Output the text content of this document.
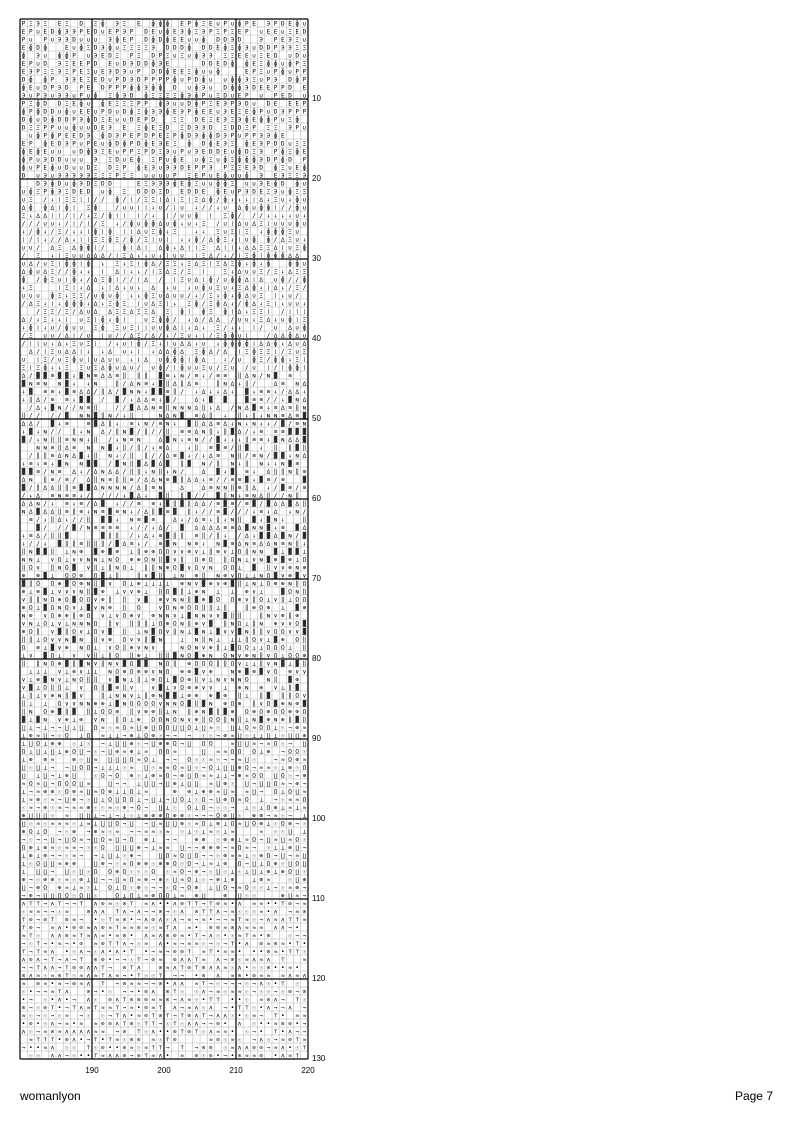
P Ξ Э Ξ E Ξ D Ξ ɸ Э Ξ E ɸ ɸ ɸ E P ɸ Ξ E ∪ P ∪ ɸ P E Э P D E ɸ ∪
E P ∪ E D ɸ Э Э P E D ∪ E P Э P D E ∪ ɸ E Э ɸ Ξ Э P Ξ P Ξ E P ∪ E E ∪ Ξ E D
P ∪ P ∪ Э Э D ∪ ∪ ∪ Э ɸ E P D ɸ D ɸ E E ∪ ∪ ɸ D D Э D	Э P E Э Ξ ∪
E ɸ D ɸ	E ∪ ɸ Ξ D Э ɸ ∪ Ξ Ξ Ξ Ξ Э D D D ɸ D D E ɸ Ξ ɸ Э ∪ D D P Э Э Ξ Ξ
ɸ Э ∪ ɸ ɸ P ∪ Э E D Ξ P Ξ D P Ξ ∪ Ξ ∪ ɸ Э Э Ξ Ξ E E ∪ Ξ E D ∪ D ∪
E P ∪ D Э Ξ E E P D E ∪ D Э D D ɸ Э E	D D E D ɸ ɸ E Ξ ɸ ɸ ∪ ɸ P Ξ
E Э P Ξ Ξ Э Ξ P E Ξ ∪ E Э D Э ∪ P D D ɸ E E Ξ ɸ ∪ ∪ ɸ	E P Ξ ∪ P ɸ ∪ P P
D ɸ ɸ P Э Э E Ξ E D ∪ P D Э D P P P P ɸ ∪ P D ɸ ∪ ∪ ɸ ɸ Э Ξ ∪ P Э D ɸ P
ɸ E ∪ D P Э D P E D P P P ɸ ɸ Э ɸ ɸ D ∪ ɸ Э ∪ D ɸ ɸ Э D E E P P D E
Э ∪ P Э ∪ Э Э ∪ P ∪ ɸ Ξ ɸ Э D ɸ Ξ Ξ Ξ Ξ ɸ Э ɸ P ∪ Ξ D ∪ E P ∪ P E D ∪
P Ξ ɸ D D Ξ E ɸ ∪ ɸ E Ξ Ξ Ξ P P ɸ Э ∪ ∪ D ɸ P Ξ E Э P Э D ∪ D E E E P
ɸ P ɸ D D ∪ ɸ ∪ E E ∪ P D ∪ D ɸ Ξ ɸ Э Э ɸ E Э P ɸ E E ∪ Э E Ξ E ɸ P ∪ D Э P P P
D ɸ ∪ D ɸ D D P Э ɸ D Ξ E ∪ ∪ D E P D	Ξ Ξ D E Ξ E Э Ξ Э ɸ E ɸ ɸ P ∪ Ξ ɸ
D Ξ Ξ P P ∪ ∪ ɸ ∪ ∪ D E Э E Ξ ɸ E Ξ D Ξ D Э Э D Ξ D D Ξ P Ξ Ξ Э P ∪
∪ ɸ P ɸ P E E D Э ɸ D Э P E P D P E Ξ P ɸ D Э ɸ ɸ D Э P ∪ P P Э Э ɸ E
E P ɸ E D Э P ∪ P E ∪ ɸ D ɸ P D ɸ E Э E Ξ ɸ D ɸ E Э Ξ ɸ E Э P D D ∪ Ξ Ξ
ɸ E ɸ E ∪ ∪ ∪ D ɸ Э Ξ E ∪ P P Ξ P D Ξ Э ∪ P ∪ Э E D D E ∪ ɸ D Ξ Э P ɸ Ξ ɸ E
ɸ P ∪ Э D D ∪ ∪ ∪ Э Ξ D ∪ E ɸ Ξ P ∪ ɸ E ∪ ɸ Ξ ∪ ɸ Ξ ɸ ɸ ɸ Э D P ɸ D P
ɸ ∪ P E ɸ ∪ D ∪ ∪ D Ξ D Ξ P ɸ E Э ∪ Э Э D E P P Э P Ξ Ξ E Э D ɸ Ξ ∪ E ɸ
D ∪ Э ∪ Э Э Э Э Э Ξ Ξ Ξ P Ξ Ξ ∪ ∪ ∪ ∪ P Ξ E P ∪ E ɸ ∪ ∪ ɸ Э E Э Ξ Ξ Э
D Э ɸ D ∪ ɸ Э D Ξ D D	E Ξ Э Э Э ɸ E ɸ Ξ ∪ ∪ ɸ ɸ Ξ ∪ ∪ Э E ɸ D ɸ ∪
∪ ɸ Ξ P ɸ Э Ξ D E D ∪ ɸ Ξ D D D Ξ D E D D E ɸ E ∪ P Э D E Ξ Э ∪ ɸ Ξ Ξ
∪ Ξ / ↓ ❘ Ξ Ξ ❘ ❘ / / ɸ / ❘ / Ξ Ξ ❘ ∆ ❘ Ξ ❘ Ξ ∆ ɸ / ɸ ↓ ↓ ↓ ❘ ∆ ↓ Ξ ∪ ↓ ɸ ∪
∆ ɸ ɸ ∆ ❘ ɸ ❘ Ξ ɸ	/ ∪ ∪ ❘ ❘ ↓ ∪ / ❘ ∪ ↓ / / ↓ ∪ ∆ ɸ ∪ ɸ ɸ ❘ / / ɸ ∪
Ξ ↓ ∆ ∆ ❘ ❘ / ❘ / ↓ Ξ / ɸ ❘ ❘ ❘ / ↓ ❘ / ∪ ∪ ɸ ❘ Ξ ɸ / / / ↓ ↓ ↓ ↓ ∪ ↓
/ / / ∪ ∪ ↓ / ❘ / ❘ / Ξ ↓ / ɸ ∪ ɸ ɸ ∆ ∪ ɸ ↓ ∪ ↓ Ξ / ∪ ❘ ∆ ∪ ∆ Ξ ❘ ∪ ∪ ∪ ɸ ∪
↓ / ɸ ↓ / Ξ / ↓ ↓ ❘ ɸ ❘ ɸ ❘ ❘ ∆ ∪ Ξ ɸ ↓ Ξ	↓ ↓ Ξ ∪ Ξ ❘ Ξ ↓ ɸ ɸ ɸ Ξ ∪
❘ / ❘ ↓ / / ∆ ↓ ❘ ❘ Ξ Ξ ɸ Ξ / ɸ / Ξ ❘ ∪ ❘ ↓ ↓ ɸ / ∆ ɸ Ξ ↓ ❘ ∪ ɸ ɸ / ∆ Ξ ∪ ↓
∪ ∪ / ∆ Ξ ∆ ɸ ɸ ❘ /	ɸ ❘ ∆ ❘ ∆ ɸ ↓ ∆ ❘ ❘ Ξ ∆ ❘ ❘ ↓ ∆ ∆ Ξ Ξ ∆ ❘ ∪ Ξ ɸ
/ Ξ ↓ ❘ Ξ ∪ ∪ ∆ ∆ ∆ / ❘ Ξ ∆ ↓ ↓ ∪ ↓ ❘ ∪ ∪ ❘ Ξ ∆ / ↓ / ❘ Ξ ɸ ❘ ɸ ɸ ɸ ∆ ∆
∪ ∆ / ∪ Ξ ❘ ɸ ɸ ❘ ɸ ↓ Ξ ↓ Ξ ❘ ɸ ∆ / Ξ Ξ ↓ Ξ ∆ Ξ ❘ Ξ ∆ Ξ ɸ ↓ ɸ ↓ ɸ	ɸ ɸ ∪
∆ ɸ ∪ ∆ Ξ / / ɸ ↓ ↓ ❘ ∆ ❘ ↓ ↓ / ❘ Ξ ∆ Ξ / Ξ ❘	Ξ ↓ ∆ ∪ ∪ Ξ / Ξ ↓ ∆ Ξ Ξ
ɸ / ɸ Ξ ∪ ❘ ɸ ↓ / ∆ Ξ ɸ ❘ / / ❘ ∆ / ❘ Ξ ∪ ∆ ❘ ɸ / ∪ ɸ ɸ ∆ ❘ ∆ ∪ ɸ / / ɸ
↓ Ξ	❘ Ξ ❘ ↓ ∆ ↓ ❘ ∆ ↓ ∪ ↓ ∆ ↓ ∪ ↓ ∪ ɸ ∪ Ξ ∪ ↓ Ξ ∆ ɸ ↓ ❘ ∆ ↓ / Ξ /
∪ ∪ ∪ ɸ Ξ ↓ Ξ Ξ / ∪ ɸ ∪ ɸ ↓ ↓ ɸ Ξ ∪ ∆ ∪ ∪ / ↓ / Ξ ↓ ɸ ↓ ɸ ∆ ∪ Ξ ❘ ↓ ∪ /
/ ∆ Ξ ↓ ❘ ↓ ɸ ɸ ɸ ↓ ∆ ↓ Ξ ɸ Ξ ❘ ∪ ∆ Ξ ❘ ↓ Ξ ɸ / Ξ ɸ ∆ ↓ / ɸ ∆ ↓ Ξ ❘ ↓ ∪ ∪ ↓
/ Ξ Ξ / Ξ / ∆ ∪ ∆ ∆ Ξ Ξ ∆ Ξ Ξ ∆ Ξ ɸ ❘ ɸ Ξ ɸ ❘ ∆ ↓ Ξ Ξ ❘ / ❘ ❘ ❘
∆ / ↓ Ξ ↓ ↓ ❘ ∪ Ξ ❘ ɸ ↓ ɸ ❘	∪ Ξ ɸ ɸ / ↓ ∆ / ∆ ∆ / ∪ ∪ ↓ Ξ ∆ ↓ ∪ ɸ ❘ Ξ
↓ ɸ ❘ ↓ ∪ / ɸ ∪ ∪ Ξ ɸ Ξ ∪ Ξ ❘ ❘ ∪ ∪ ɸ ∆ ❘ ↓ ∆ ↓ Ξ / ↓ ↓ ❘ / ∪ ∆ ∪ ɸ
/ Ξ ∪ ∪ / ∆ ❘ / ∪ ❘ ∪ / / ∆ Ξ / ∆ / ↓ / Ξ ∪ ↓ ❘ / Ξ ɸ ɸ ∪ ❘	/ ∆ ∆ ɸ ∆ ∪
/ ❘ ❘ ∪ ↓ ∆ ↓ Ξ ∪ Ξ ❘ / ↓ ∪ ❘ ɸ / Ξ ↓ ❘ ∪ ∆ ∆ ↓ ∪ ↓ ɸ ɸ ɸ ɸ ❘ ∆ ∆ ɸ ↓ ∆ ∪ ∆
∆ / ❘ Ξ ∪ ∆ ∆ ❘ ↓ ↓ ∆ ∪ ↓ ❘ ↓ ∆ ∆ ɸ ∆ Ξ ɸ ∆ / ∆ ❘ Ξ ɸ Ξ Ξ ❘ / Ξ ∪ Ξ
∪ ❘ Ξ / ∪ Ξ ɸ ∪ ❘ ∪ ∆ ∪ ∪ ↓ ❘ ∆ ∪ ɸ ɸ ɸ ❘ ɸ ∆	↓ / ∪ ɸ Ξ / ɸ ɸ ↓ Ξ ❘
Ξ ❘ Ξ ɸ ↓ ↓ Ξ Ξ ∪ Ξ ∆ ɸ ∪ ∆ ∪ / ∪ ɸ / ❘ ɸ ∪ ∪ Ξ ∪ / Ξ ∪ / ∪ ❘ / ❘ ɸ ɸ ❘
∆ / ▓ ▓ ≡ ▓ ▓ ↓ ▓ ɴ ≡ ∆ ∆ ≡ ‖ ‖ ‖ ▓ ≡ ↓ ɴ / ≡ ↓ / ≡ ≡ ‖ ∆ ɴ / ɴ ▓ ≡
▓ ɴ ≡ ɴ ɴ ▓ ↓ ↓ ɴ	‖ / ∆ ɴ ≡ ↓ ▓ ‖ ∆ ‖ ∆ ≡	‖ ɴ ∆ ↓ ‖ /	∆ ≡ ɴ ∆
↓ ▓ ≡ ≡ ↓ ▓ ≡ ∆ ∆ / ‖ ∆ / ▓ ɴ ɴ ↓ ▓ ▓ ≡ ‖ / ↓ ∆ ↓ ↓ ∆ ↓ ▓ ↓ ≡ ≡ ↓ / ∆ ∆ ↓
↓ ‖ ∆ / ≡ ≡ ↓ ▓ ▓ / ▓ / ↓ ∆ ∆ ≡ ↓ ▓ /	∆ ↓ ▓ ▓	▓ ≡ ≡ / / ↓ ▓ ɴ ∆
/ ∆ ↓ ▓ ɴ / / ɴ ≡ ‖	/ / ▓ ∆ ∆ ɴ ≡ ‖ ɴ ɴ ɴ ∆ ‖ ↓ ∆ / ɴ ∆ ▓ ≡ ↓ ≡ ∆ ≡ ‖ ɴ
‖ / / / / ▓ ɴ ɴ ▓ ‖ ɴ / ↓ ‖	ɴ ∆ ɴ ▓ ≡ ∆ ‖ ↓ ‖ ↓ ‖ ↓ ɴ ɴ ≡ ∆ ≡ ▓
∆ ∆ / ▓ ↓ ≡	≡ ▓ ∆ ‖ ↓ ≡ ↓ ɴ / ≡ ɴ ↓ ▓ ‖ ∆ ∆ ≡ ∆ ↓ ɴ ↓ ɴ ↓ ↓ / ▓ / ≡ ɴ
↓ ▓ ↓ ɴ / / ‖ ↓ ɴ ∆ / ‖ ɴ ▓ / ‖ / / ‖ ≡ ≡ ∆ ɴ ‖ ↓ ‖ ▓ ∆ / ↓ ≡ ≡ ≡ ▓ ▓ ▓
▓ / ↓ ɴ ‖ ‖ ≡ ɴ ɴ ↓ ‖ / ↓ ɴ ≡ ɴ	∆ ▓ ɴ ↓ ≡ ɴ / / ▓ ↓ ↓ ↓ ‖ ≡ ≡ ↓ ▓ ɴ ∆ ∆ ▓
ɴ ɴ ≡ ‖ ∆ ≡ ɴ ɴ ▓ ↓ ‖ / ‖ / ↓ ≡ ∆	↓ ‖ ≡ ▓ ≡ / ‖ ▓ ↓ ‖ ‖ ▓ ‖
/ ‖ ‖ ≡ ∆ ɴ ∆ ▓ ↓ ‖ ɴ ↓ / ‖ ‖ / / ∆ ≡ ▓ ↓ / ↓ ∆ ≡ ɴ ‖ / ≡ ɴ / ▓ ▓ ↓ ɴ ∆
↓ ≡ ↓ ≡ ↓ ▓ ɴ ɴ ▓ ▓ / ▓ ɴ ‖ ▓ ∆ ▓ ∆ ▓ ‖ ▓ ɴ / ‖ ɴ ↓ ‖ ɴ ↓ ↓ ɴ ▓ ≡
▓ ▓ ≡ / ɴ ≡ ∆ ↓ / ∆ ɴ ∆ ∆ / ‖ ‖ ↓ ɴ ‖ ↓ ɴ /	∆ ▓ ↓ ▓ ≡ ↓ ∆ ‖ ‖ ɴ ‖ ≡
∆ ɴ ‖ ≡ / ≡ / ∆ ‖ ɴ ≡ ‖ ‖ ≡ / ∆ ∆ ɴ ≡ ▓ ‖ ∆ ∆ ↓ ≡ / / ≡ ≡ ▓ ↓ ▓ ≡ / ≡	▓
▓ / ‖ ∆ ∆ ‖ ‖ ≡ ▓ ▓ ∆ ɴ ɴ ɴ ɴ / ∆ ‖ ≡ ɴ	∆	∆ ≡ ɴ ɴ ‖ ≡ ‖ ∆ ↓ / ▓ ≡ / ≡
/ ↓ ∆ ≡ ɴ ≡ ≡ ↓ / / / / ↓ ▓ ∆ ↓ ▓ ‖ ‖ ▓ / / ▓ ‖ ɴ ↓ ≡ ɴ ∆ ‖ / / ɴ ‖
∆ ∆ ɴ / ↓ ≡ ↓ ≡ / ∆ ▓ ↓ / / ≡ ≡ ↓ ▓ ‖ ▓ ‖ ∆ ∆ / ≡ ▓ ≡ / ≡ ▓ / ▓ ∆ ∆ ▓ ∆ ‖
ɴ ∆ ▓ ∆ ∆ ‖ ≡ ‖ ≡ ↓ ɴ ≡ ▓ ≡ ɴ ↓ / ∆ ‖ ▓ ≡ ▓ ‖ ↓ / / ≡ ▓ / / / ↓ ≡ ↓ ∆ ↓ ɴ /
≡ / ↓ ‖ ∆ ↓ / / ‖ ▓ ▓ ↓ ɴ ≡ ▓ ≡	∆ ↓ / ∆ ≡ ↓ ‖ ↓ ɴ ‖ ▓ ↓ ▓ ɴ ↓	‖
▓ / / / ▓ / ɴ ≡ ≡ ≡ ≡ ↓ / / ↓ ∆ / ▓ ∆ ∆ ∆ ∆ ≡ ≡ ∆ ▓ ɴ ɴ ▓ ↓ ≡ ▓ ∆
↓ ≡ ∆ / ‖ ‖ ▓	▓ ‖ ‖ / ↓ ∆ ↓ ≡ ▓ ‖ ‖ ≡ ‖ / ‖ ↓ / ∆ ↓ ▓ ▓ ∆ ▓ ɴ / ▓
↓ / / ↓ ▓ ‖ ‖ ≡ ‖ ‖ ‖ / ▓ ∆ ≡ ↓ / ≡ ▓ ɴ ɴ ≡ ↓ ɴ ▓ ≡ ∆ ɴ ≡ ∆ ∆ ɴ ≡ ɴ ‖ ↓
‖ ɴ ▓ ▓ ‖ ⊥ ɴ ⊕ ▓ ⊕ ▓ ⊕ ⊥ ‖ ⊕ ⊕ Ω Ω ∨ ∨ ⊕ ∨ ⊥ ‖ ⊕ ∨ ⊥ Ω ‖ ɴ ɴ ▓ ⊥ ▓ ▓ ⊥
ɴ ɴ ⊥ ∨ Ω ⊥ ∨ ∨ ɴ ɴ ⊥ ɴ Ω ⊕ ⊕ Ω ɴ ‖ ▓ ∨ ‖ Ω ⊕ Ω ‖ Ω ɴ ⊥ ∨ ɴ ▓ ⊕ ▓ ⊕ ⊥ Ω
‖ Ω ∨ ‖ ɴ Ω ▓ ∨ ‖ ⊥ ‖ ɴ Ω ⊥ ‖ ‖ ɴ ⊕ Ω ▓ ∨ Ω ∨ ɴ Ω Ω ⊥ ▓ ‖ ∨ ∨ ⊕ ɴ ⊕
⊕ ⊕ ▓ ⊥ Ω Ω ⊕ Ω ▓ ⊥ ‖	‖ ∨ ▓ ‖ ⊥ ɴ ⊕ ‖ ɴ ⊕ ∨ Ω ⊥ ⊥ ɴ Ω ▓ ∨ ⊕ ▓ ∨
▓ ‖ Ω Ω ⊕ ▓ Ω ⊕ ɴ ‖ ▓ ∨ Ω ⊥ ⊕ ⊥ ⊥ ⊥ ⊥ ⊕ ɴ ∨ ▓ ⊕ ∨ ⊕ ▓ ‖ ⊥ ɴ ⊥ Ω ⊕ ⊕ ɴ ‖ Ω
⊕ ⊥ ⊕ ▓ ⊥ ∨ ∨ ∨ ɴ ‖ ▓ ⊕ ⊥ ∨ ∨ ⊕ ⊥ ‖ Ω ▓ ‖ ⊥ ⊕ ɴ ⊥ ⊥ ⊕ ∨ ⊥	▓ Ω ɴ ‖
∨ ‖ ‖ ɴ Ω ⊕ Ω ▓ Ω Ω ∨ ⊕ ‖ ‖ ∨ ▓ ⊕ ∨ ɴ ɴ ‖ ▓ ⊕ ▓ Ω Ω ⊕ ∨ ‖ Ω ⊥ ∨ ‖ ⊥ Ω Ω
⊕ Ω ⊥ ▓ Ω ɴ Ω ∨ ⊥ ▓ ∨ ɴ ⊕ ‖ Ω	∨ Ω ɴ ⊕ Ω Ω ‖ ‖ ⊥ ‖	‖ ⊕ Ω ⊕ ⊥ ▓ ⊕
ɴ ⊕ ∨ Ω ⊕ ⊕ ‖ ⊕ Ω ∨ ⊥ ∨ Ω ⊕ ∨ ⊕ ɴ ɴ ∨ ⊥ ▓ ɴ ɴ ∨ ∨ ▓ ‖ ‖	‖ ɴ ∨ ⊕ ‖ ⊕
∨ ɴ ⊥ Ω ⊥ ∨ ⊥ ɴ ɴ ɴ Ω ‖ ∨ ‖ ‖ ‖ ⊥ Ω ⊕ Ω ɴ ‖ ⊕ ∨ ▓ ‖ ɴ Ω ⊥ ‖ ɴ ⊕ ∨ ∨ Ω ▓
⊕ Ω ‖ ∨ ▓ ‖ Ω ∨ ⊥ Ω ∨ ▓ ‖ ⊥ ɴ ▓ Ω ∨ ‖ ɴ ⊥ ▓ ɴ ⊥ ▓ ∨ ∨ ▓ ɴ ‖ ‖ ∨ Ω Ω ∨ ∨ ▓
‖ ‖ ⊥ Ω ∨ ∨ ɴ ▓ ɴ ‖ ∨ ⊕ Ω ∨ ∨ ‖ ▓ ɴ	⊥ ɴ ‖ ɴ ⊥ ⊥ ⊥ ‖ Ω ∨ ⊥ ▓ ⊕ Ω ‖
Ω ⊕ ⊥ ▓ ∨ ⊕ ɴ Ω ⊥ ∨ Ω ‖ ⊕ ∨ ɴ ∨	ɴ Ω ɴ ∨ ⊕ ‖ ⊥ ▓ Ω Ω ⊥ ⊥ Ω Ω Ω ⊥ ‖
⊥ ∨ ▓ Ω ⊥ ∨ ∨ ‖ ⊥ ‖ Ω ‖ ⊕ ⊥ ‖ ‖ ▓ ɴ Ω ▓ ⊕ ɴ Ω ɴ ∨ ⊕ ɴ ‖ ∨ Ω ⊥ Ω Ω ⊕
‖ ‖ ɴ Ω ⊕ ▓ ‖ ▓ ɴ ∨ ‖ ɴ ∨ ▓ Ω ▓ ▓ ɴ Ω ‖ ⊕ Ω Ω Ω ‖ ‖ Ω ∨ ⊥ ⊥ ‖ ∨ ɴ ▓ ⊥ ▓ ‖
⊥ ⊥ ⊥ ∨ ⊥ ⊕ ∨ ⊥ ⊥ ɴ Ω ⊕ Ω ⊕ ⊕ ∨ ɴ Ω ⊕ ⊕ ▓ ∨ ⊕	ɴ ⊕ ▓ ⊕ ▓ ∨ Ω ⊕ ∨ ∨
∨ ⊥ ⊕ ▓ ɴ ∨ ⊥ ɴ Ω ‖ ‖ ∨ ▓ ɴ ⊥ ‖ ⊥ ⊕ Ω ⊥ ▓ Ω ⊕ ‖ ∨ ⊥ ɴ ∨ ɴ ɴ Ω	ɴ ‖ ▓ ⊕
∨ ▓ ⊥ Ω ‖ ‖ ⊥ ∨ Ω ‖ ▓ ⊕ ‖ ∨	∨ ▓ ⊥ ∨ Ω ⊕ ⊕ ∨ ∨ ⊥ ⊕ ɴ ⊕ ∨ ⊥ ‖ ▓
⊥ ‖ ⊥ ∨ ⊕ ɴ ‖ ▓ ∨	‖ ⊥ ɴ ɴ ∨ ⊥ ‖ ⊕ ɴ ▓ ▓ ⊥ ⊕ ⊕ ⊕ ▓ ⊕ ‖ ⊥ ‖ ▓ ‖ ‖ Ω ∨
‖ ⊥ ⊥ Ω ∨ ∨ ɴ ɴ ⊕ ⊕ ⊥ ▓ ɴ Ω Ω Ω Ω ∨ ɴ ɴ Ω ▓ ‖ ▓ ɴ ⊕ Ω ⊕ ‖ ∨ Ω ▓ ⊕ ɴ ⊕ ▓
‖ ɴ Ω ⊕ ▓ ‖ ▓ ‖ ⊥ Ω Ω ⊕ ‖ ∨ ⊕ ⊕ ‖ ⊥ ɴ ‖ ⊕ ɴ ▓ ‖ ▓ ⊕ Ω ⊕ Ω ⊕ Ω Ω ⊕ ⊕ Ω
▓ ⊥ ▓ ɴ ∨ ⊕ ⊥ ⊕ ∨ ɴ ‖ Ω ⊥ ⊕ Ω Ω ɴ Ω ɴ ∨ ⊕ ‖ Ω Ω ‖ ɴ ‖ ⊥ ɴ ▓ ⊕ ɴ ⊕ ‖ ▓ ‖
⋃ ⊥ ¬ ⊥ ¬ ¬ ⋃ ⊥ ⋃ Ω ≈ ☉ ≈ Ω ≈ ⋃ ⊕ ⋃ Ω Ω ⋃ ⋃ Ω ⊥ ⋃ ≈ ☉ ⋃ ⊥ Ω ≈ Ω Ω ⊥ ☉ ¬ ⊕ ≈
⊥ ⊕ ≈ ⋃ ¬ ☉ Ω ⊥ Ω ≈ ⊥ ⊥ ¬ ⊕ ⊥ Ω ⊕ ☉ ¬ ¬ ¬ ☉ ☉ ¬ ⊕ ≈ ⋃ ☉ ⊥ ⊥ ⋃ ⊥ ☉ ⋃ ⋃ ⊕
⊥ ⋃ Ω ⊥ ⊕ ⊕ ☉ ⊥ ☉ ¬ ⊥ ⋃ ⋃ ⊕ ☉ ¬ ⋃ ⊕ ⊕ Ω ¬ ⋃ Ω Ω	≈ ⋃ ⋃ ≈ ¬ ≈ Ω ☉ ¬ ⋃
Ω ⊥ ⋃ ⊥ ⋃ ⊥ ⊕ Ω ⋃ ¬ ☉ ¬ ⋃ ⊕ ≈ ⊕ ⊥ ≈ Ω Ω ≈	⋃ ≈ ≈ Ω Ω Ω ⊥ ⊕ ¬ Ω Ω ☉
⊥ ⊕ ⊕ ≈	⊕ ☉ ⋃ ≈ ⋃ ⋃ ⋃ Ω ≈ Ω ⊥ ¬ ¬ Ω ☉ ☉ ≈ ☉ ¬ ¬ ≈ ⋃ ☉	¬ ≈ Ω ⊕ ≈
⋃ ☉ ⋃ ⊥ ¬ ¬ ⋃ Ω Ω ¬ ⊥ ⊥ ⊥ ☉ ≈ ⋃ ☉ ≈ ≈ Ω ≈ ⋃ ☉ ¬ Ω ⊥ ⋃ ⋃ ⊕ Ω ¬ ≈ ≈ ☉ ⊥ ⊕ ☉ Ω
⋃ ⊥ ⋃ ¬ ⊥ ⊕ ⋃	☉ Ω ¬ Ω ⊕ ☉ ⊥ ⊕ ≈ Ω ¬ ⊕ ⋃ Ω ≈ ≈ ⊥ ⊥ ¬ ⊕ ≈ Ω Ω ⋃ Ω ☉ ¬ ⊕
≈ Ω ≈ ⋃ ¬ Ω Ω Ω ⋃ ≈	⋃ ¬ ¬ ⊥ ⋃ ⋃ ¬ ⋃ ⊕ ⊥ ⋃ ⋃ ≈ ⋃ ⊕ ☉ ⋃ ¬ ⋃ ⋃ Ω ≈ ¬ ⊕ ¬
⊥ ¬ ≈ ⊕ ⊕ ☉ Ω ⊕ ≈ ⋃ ≈ Ω ⊕ ⊥ ⊥ Ω ⊥ ≈	⊕ ⊕ ⊥ ⊕ ⊕ ≈ ⋃ ≈ ≈ ⋃ ¬ Ω ⊥ Ω ⋃ ≈
⊥ ≈ ⊕ ☉ ≈ ¬ ⋃ ⊕ ¬ ☉ ⋃ ⊥ Ω ⋃ Ω Ω ⊥ ¬ ⋃ ⊥ ¬ ⋃ Ω ⊥ ☉ Ω ¬ ⋃ ⊕ Ω ≈ Ω ⊥ ¬ ☉ ≈ ≈ Ω
☉ ≈ ¬ ⊕ ☉ ≈ ¬ ≈ ≈ ⊕ ☉ ☉ ≈ ☉ ⊕ ¬ Ω ¬ ⋃ ⊥ ☉ Ω ⊥ Ω ¬ ☉ ☉ ¬ ⊥ ☉ ⊥ Ω ⊕ ⊥ ≈ ⊥ ≈
⊕ ⋃ ⋃ ⋃ ☉ ≈ ⋃ ⋃ ⊥ ¬ ⊥ ¬ ⊥ ☉ ⊥ ⊕ ⊕ ⊕ Ω ⊕ ⊕ ☉ ¬ ¬ ¬ Ω ⊕ ⋃ ☉ ⊕ ⊕ ¬ ≈ ☉ ¬ ⊥
⋃ ☉ ≈ ☉ ≈ ≈ ≈ ☉ ⊥ ≈ ⊥ ⋃ ⋃ Ω ¬ ⋃ ¬ ⋃ ≈ ⋃ ⋃ ⊕ ☉ ≈ Ω ⊥ ⊕ ⊥ Ω ≈ ⋃ Ω ⊕ ⊥ ☉ Ω ⊕ ¬ ☉
⊕ Ω ⊥ Ω ¬ ☉ ⊕ ¬ ⊕ ≈ ☉ ≈ ¬ ¬ ≈ ≈ ☉ ≈ ☉ ⊥ ☉ ⊥ ≈ ☉ ⊥ ≈	≈ ☉ ☉ ⋃ ⊥
¬ ☉ ¬ ¬ ⋃ ¬ ⋃ Ω ≈ ¬ ⋃ Ω ≈ ⋃ ¬ Ω ⊕ ⊥ ¬ ¬	⊕ ⊕ ☉ ⊕ ⊕ ⊥ ≈ Ω ¬ ⋃ ≈ ⋃ ≈ Ω ☉
Ω ⊕ ⊥ ⊕ ≈ ☉ ≈ ≈ ¬ ☉ ☉ Ω ⋃ ⋃ ⋃ ⊕ ¬ ⊥ ≈ ≈ ⋃ ¬ ¬ ⊕ ⊕ ⊕ ¬ ≈ Ω ≈ ¬ ☉ ⊥ ⊥ ⊕ ⋃ ¬
⊥ ⊕ ⊥ ⊕ ¬ ¬ ☉ ≈ ¬ ¬ ⊥ ⋃ ⊥ ☉ ⊕ ¬	⋃ Ω ≈ Ω ⋃ Ω ¬ ¬ ☉ ⊕ ≈ ≈ ⊥ ☉ ⊕ Ω ¬ ⋃ ¬ ≈ ⋃
⊥ ☉ Ω ⋃ ⋃ ≈ ⊕ ⊕	⋃ ⊕ ¬ ☉ ≈ Ω ⊕ ⊕ ☉ ⊕ ⊕ Ω ☉ Ω ¬ ⊥ ≈ ⊥ ⊕ Ω ¬ ⋃ ⊥ Ω ⊕ ☉ ⋃ Ω ⋃
⊥ ⋃ ⋃ ¬ ⋃ ☉ ⋃ ☉ Ω Ω ⊕ Ω ☉ ☉ ☉ Ω ☉ ≈ Ω ¬ ⊕ ¬ ☉ ⋃ ☉ ⊥ ☉ ⊥ ⋃ ⊥ ⊕ ⊥ ⊕ Ω ⋃ ☉
⊕ ¬ ☉ ⊕ ⊕ ☉ ≈ ☉ ⊕ ⊥ ⋃ ¬ ¬ ⋃ ≈ Ω ≈ ⊕ ¬ ⊕ ☉ ⋃ ≈ Ω ⊥ ☉ ¬ ⊕ ⊥ ⊕	⊥ ⊕ ≈	☉ ⋃ ⊕
⋃ ¬ ⊕ Ω ⊕ ≈ ⊥ ≈ ☉ ⊥ Ω ⊥ Ω ☉ ⊕ ☉ ¬ ¬ ☉ Ω ¬ Ω ⊕ ⊥ ⋃ Ω ¬ ≈ Ω ☉ ☉ ⊥ ¬ ☉ ≈ ⊕ ¬
¬ ⊕ ¬ ⋃ ⋃ Ω Ω ☉ Ω ⋃ ☉	Ω ⊥ Ω ⊥ ≈ ⊕ Ω Ω ⊥ ≈ ⊕ ⋃	⊕ ⋃ ☉ ☉	⊕ ⋃ ≈ ¬
ʌ ⊤ ⊤ ¬ ʌ ⊤ ¬ ¬ ⊤ ʌ ⊙ ≈ ☉ ⊙ ⊤ ≈ ʌ • • ʌ ⊙ ⊤ ⊤ ¬ ⊤ ⊙ ≈ • ʌ ≈ ≈ • • ⊤ ⊙ ¬ ≈
☉ ≈ ≈ ¬ ¬ ☉ ≈	⊙ ʌ ʌ ⊤ ʌ ¬ ʌ ¬ ¬ ⊙ ¬ ☉ ʌ ⊙ ⊤ ⊤ ʌ ¬ ≈ ☉ ☉ ☉ ≈ • ʌ ¬ ≈ ⊙
⊤ ⊙ ¬ ⊙ ⊤ ⊙ ≈ ¬ • ☉ ⊤ ≈ ⊙ • ¬ ʌ ⊙ ʌ ☉ ʌ ¬ ≈ ¬ ≈ • ¬ ¬ ≈ ⊤ ≈ ☉ ¬ ʌ ≈ ʌ ⊤ ⊤ ≈
⊤ ⊙ ¬ ≈ ʌ • ⊙ ⊙ ≈ ʌ ⊙ ≈ ⊤ ≈ ≈ ⊙ ≈ ☉ ≈ ⊤ ʌ ≈ • ⊙ ⊙ ≈ ⊙ ʌ ≈ ≈ ≈ ʌ ʌ ¬ •
≈ ⊤ ☉ ʌ ʌ ⊙ ≈ ⊤ ≈ ʌ ≈ • ≈ ⊙ • ʌ ≈ ʌ ⊙ ⊙ ≈ • ⊤ ¬ ʌ ☉ • ☉ ≈ ⊤ ≈ • ⊙	☉ ¬ ¬
¬ ☉ ⊤ ¬ • ≈ ¬ • ⊙ ≈ ⊙ ⊤ ⊤ ʌ ¬ ☉ ≈ ʌ • ≈ ¬ ≈ ≈ ☉ ¬ ☉ ¬ ⊤ • ʌ ⊙ ≈ ⊙ ≈ • ⊤ •
⊤ ¬ ⊤ ≈ ʌ • ☉ ʌ ¬ ☉ ʌ • ʌ • ⊤ • ¬ ≈ ¬ ⊙ ⊙ ⊤ ≈ ⊤ • ≈ ≈ • • • ⊙ ≈ • ⊤ ⊤ ☉
ʌ ⊙ ʌ ¬ ⊤ ¬ ʌ ¬ ⊤ ⊙ ⊙ • ¬ ¬ ☉ ⊤ ¬ ⊙ ≈ ⊙ ʌ ʌ ⊤ ≈ ʌ ¬ ⊙ ☉ ≈ ʌ ≈ ʌ ⊤	≈
¬ ¬ ⊤ ʌ ʌ ¬ ⊤ ⊙ ⊙ ʌ ʌ ⊤ ¬ ⊙ ⊤ ʌ	⊙ ≈ ʌ ⊤ ⊙ ⊤ ⊙ ʌ ʌ ≈ ☉ ʌ • ☉ ☉ ⊙ • • ≈ •
⊙ ʌ ≈ ☉ ≈ ⊙ ⊤ ☉ ≈ ʌ ≈ ⊤ ʌ ≈ ¬ • ⊤ ☉ ☉ ⊤ ¬ ¬ • ⊙ ʌ ≈ ⊙ • ⊙ ≈ ≈ ≈ ʌ ≈ ʌ
≈ ⊙ ≈ • ≈ ¬ ⊙ ≈ ʌ ⊤ ¬ ⊙ ≈ ≈ ¬ ¬ ⊙ • ʌ ʌ ≈ ⊤ ¬ ☉ ¬ ¬ ¬ ☉ ¬ ʌ ☉ • ⊤ ☉
☉ • ¬ ¬ ≈ ⊤ ʌ	⊙ ¬ • ☉ ¬ ¬ • ⊙ ʌ ⊙ ⊤ ☉ ☉ ʌ ¬ ≈ ☉ ≈ ≈ ☉ ¬ ☉ ☉ ¬ ☉ ⊙ ¬ ⊙
• ¬ ☉ • ʌ • ¬ ʌ ☉ ⊙ ʌ ⊤ ⊙ ⊙ ⊙ ≈ ≈ ⊙ ¬ ʌ ≈ ☉ • ⊤ ⊤ • • ☉ ≈ ⊙ ʌ ¬ ⊤ ☉
⊙ ¬ ☉ ⊙ ⊤ • ¬ ⊤ ʌ ≈ ⊤ ≈ ≈ ⊤ ¬ ≈ • ⊙ ≈ ⊤ ʌ ¬ ≈ ʌ ☉ ʌ ¬ • ⊤ ⊤ ☉ • ʌ ¬ ¬ ʌ ¬
≈ ☉ ¬ ☉ ¬ ☉ ≈ ¬ ☉ ☉ ¬ ⊤ ʌ • ≈ ⊙ ⊤ ⊙ ⊤ ¬ ⊤ ⊙ ʌ ⊤ ¬ ʌ ʌ ☉ • ☉ ≈ ¬ ⊤ • ≈ ≈
• ⊙ • ☉ ʌ ¬ ≈ • ≈ ≈ ⊙ ⊙ ʌ ⊤ ⊙ ☉ ⊤ ⊤ ¬ ☉ ⊤ ☉ ʌ ʌ ¬ ¬ ⊙ • ʌ ☉ • • ≈ ⊙ ⊙ • ¬
ʌ ☉ ¬ ≈ ⊙ ≈ ʌ ʌ ʌ ʌ ≈ ≈ ¬ ⊙ ⊤ ☉ ʌ • • ⊙ ⊤ ⊙ ⊤ ☉ ʌ ≈ ≈ • ☉ ¬ • ⊤ • ʌ ¬ ¬
≈ ⊤ ⊤ ⊤ • ⊙ ʌ • ¬ ⊤ • ⊤ ≈ ☉ ⊙ ⊙ ≈ ☉ ⊤ ⊙	≈ ⊙ ☉ ≈ ☉ ¬ ʌ ☉ ¬ ≈ ⊙ ⊤ ≈
¬ • • ≈ ʌ ☉ ☉ ⊤ ☉ ⊙ • • ⊙ ≈ ☉ ≈ ⊤ ⊤ ¬ ⊤ ¬ ⊙ ⊙ ☉ ≈ ʌ ʌ ⊙ ⊙ ¬ ≈ ʌ • ☉ ⊤
☉ ☉ ʌ ʌ ¬ ☉ • • ⊤ ≈ ʌ ʌ ⊙ ¬ ⊙ ⊤ ≈ ʌ • ≈ ⊙ ☉ ⊙ • ¬ • ⊙ ≈ ≈ ⊙ • ʌ ≈ ⊤
10
20
30
40
50
60
70
80
90
100
110
120
130
190	200	210	220
womanlyon	Page 7
